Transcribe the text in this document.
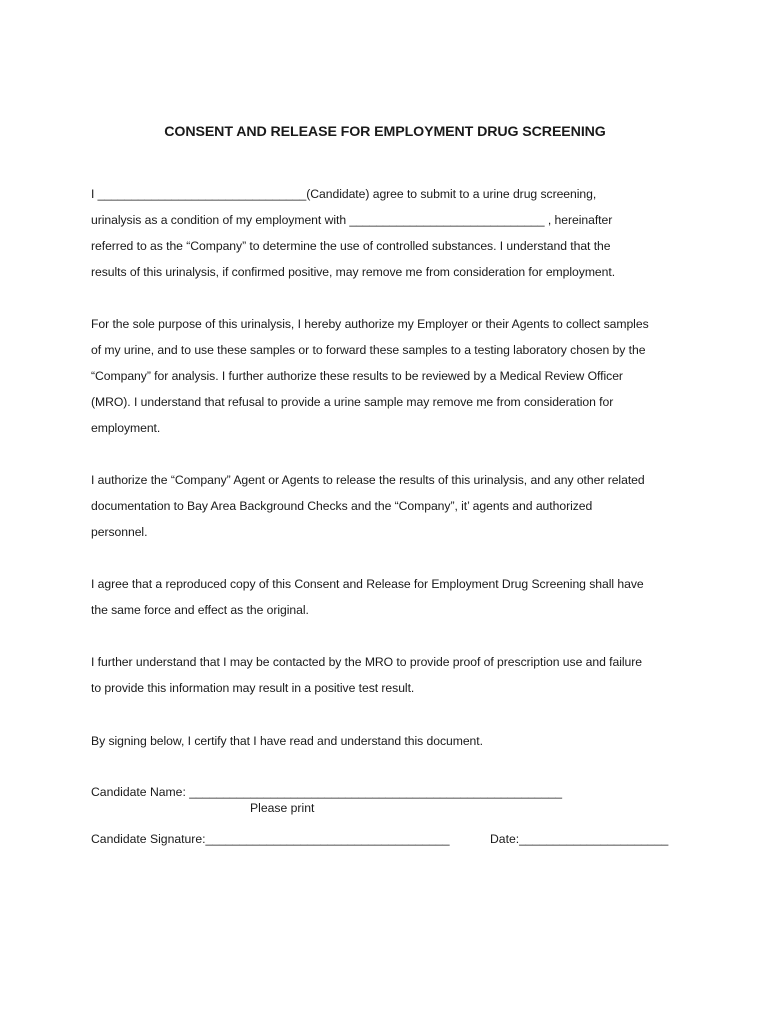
CONSENT AND RELEASE FOR EMPLOYMENT DRUG SCREENING
I _______________________________(Candidate) agree to submit to a urine drug screening,
urinalysis as a condition of my employment with _____________________________ , hereinafter
referred to as the “Company” to determine the use of controlled substances. I understand that the
results of this urinalysis, if confirmed positive, may remove me from consideration for employment.
For the sole purpose of this urinalysis, I hereby authorize my Employer or their Agents to collect samples
of my urine, and to use these samples or to forward these samples to a testing laboratory chosen by the
“Company” for analysis. I further authorize these results to be reviewed by a Medical Review Officer
(MRO). I understand that refusal to provide a urine sample may remove me from consideration for
employment.
I authorize the “Company” Agent or Agents to release the results of this urinalysis, and any other related
documentation to Bay Area Background Checks and the “Company”, it’ agents and authorized
personnel.
I agree that a reproduced copy of this Consent and Release for Employment Drug Screening shall have
the same force and effect as the original.
I further understand that I may be contacted by the MRO to provide proof of prescription use and failure
to provide this information may result in a positive test result.
By signing below, I certify that I have read and understand this document.
Candidate Name: _______________________________________________________
Please print
Candidate Signature:____________________________________	Date:______________________
